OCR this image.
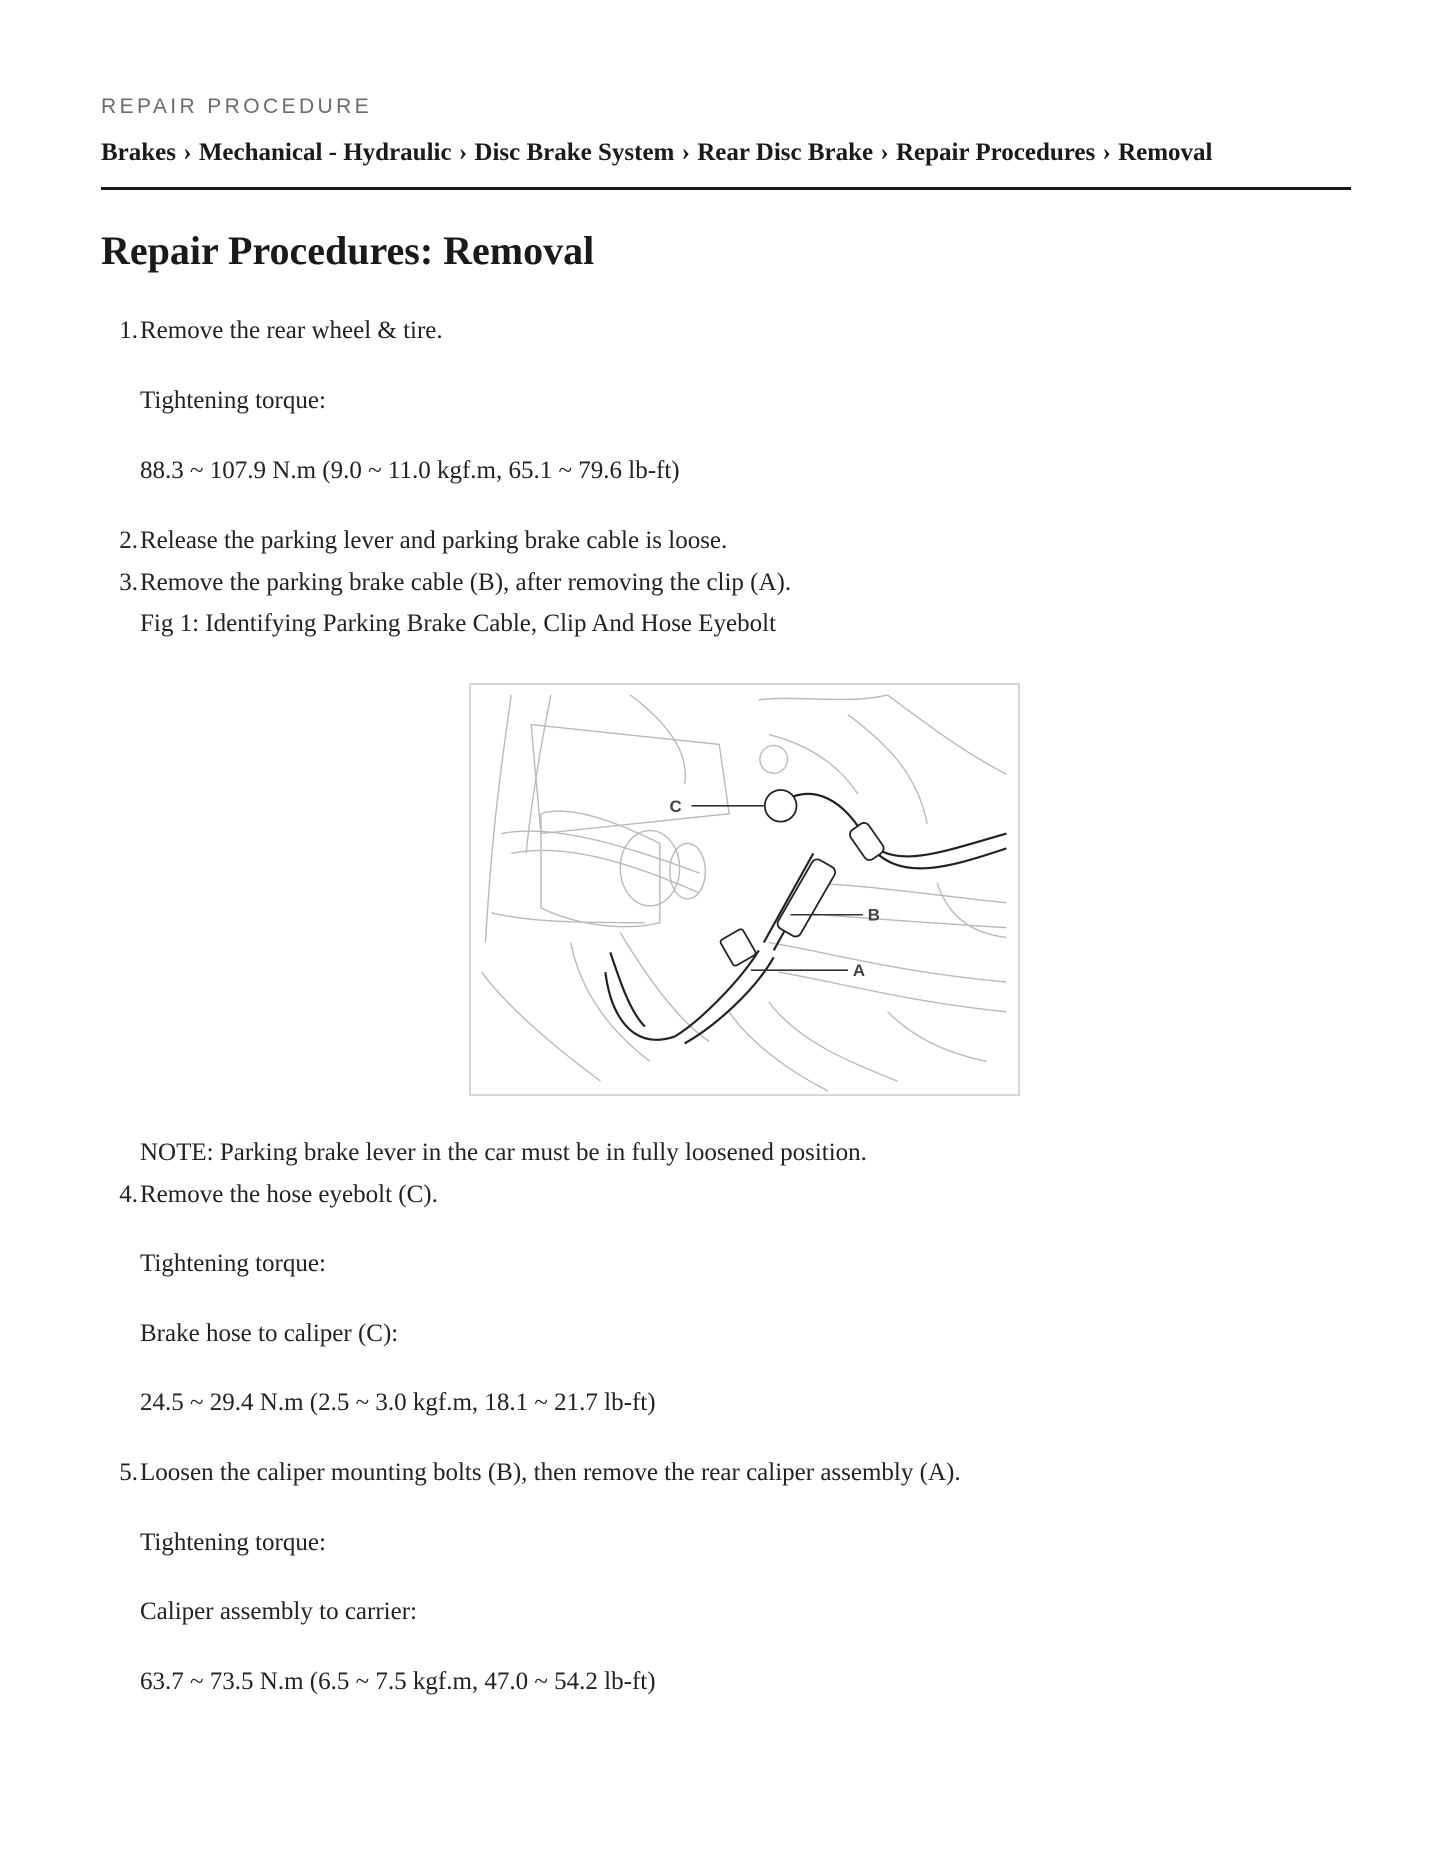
REPAIR PROCEDURE
Brakes › Mechanical - Hydraulic › Disc Brake System › Rear Disc Brake › Repair Procedures › Removal
Repair Procedures: Removal
1. Remove the rear wheel & tire.
Tightening torque:
88.3 ~ 107.9 N.m (9.0 ~ 11.0 kgf.m, 65.1 ~ 79.6 lb-ft)
2. Release the parking lever and parking brake cable is loose.
3. Remove the parking brake cable (B), after removing the clip (A).
Fig 1: Identifying Parking Brake Cable, Clip And Hose Eyebolt
C
B
A
NOTE: Parking brake lever in the car must be in fully loosened position.
4. Remove the hose eyebolt (C).
Tightening torque:
Brake hose to caliper (C):
24.5 ~ 29.4 N.m (2.5 ~ 3.0 kgf.m, 18.1 ~ 21.7 lb-ft)
5. Loosen the caliper mounting bolts (B), then remove the rear caliper assembly (A).
Tightening torque:
Caliper assembly to carrier:
63.7 ~ 73.5 N.m (6.5 ~ 7.5 kgf.m, 47.0 ~ 54.2 lb-ft)
